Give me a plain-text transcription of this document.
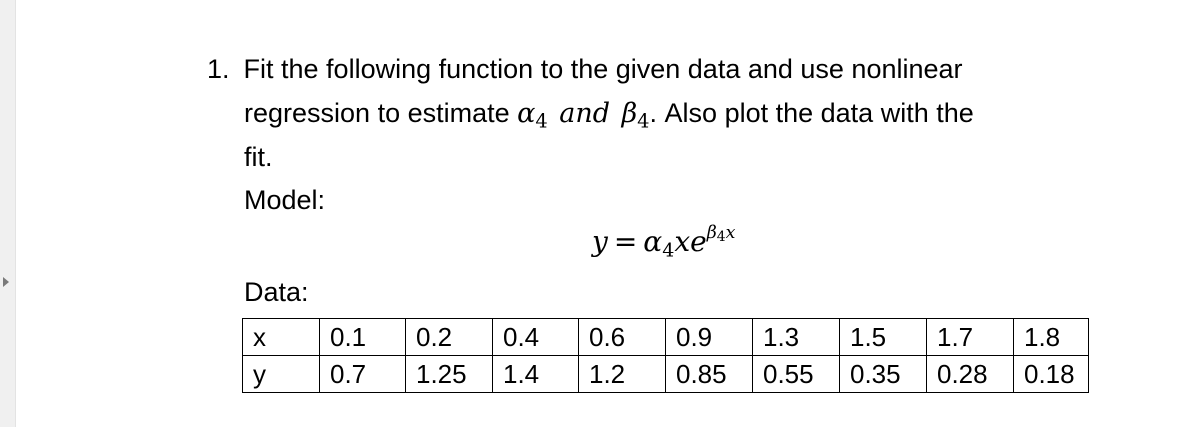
1. Fit the following function to the given data and use nonlinear
regression to estimate $\alpha_4$ and $\beta_4$. Also plot the data with the
fit.
Model:
$y = \alpha_4xe^{\beta_4x}$
Data:
x	0.1	0.2	0.4	0.6	0.9	1.3	1.5	1.7	1.8
y	0.7	1.25	1.4	1.2	0.85	0.55	0.35	0.28	0.18
